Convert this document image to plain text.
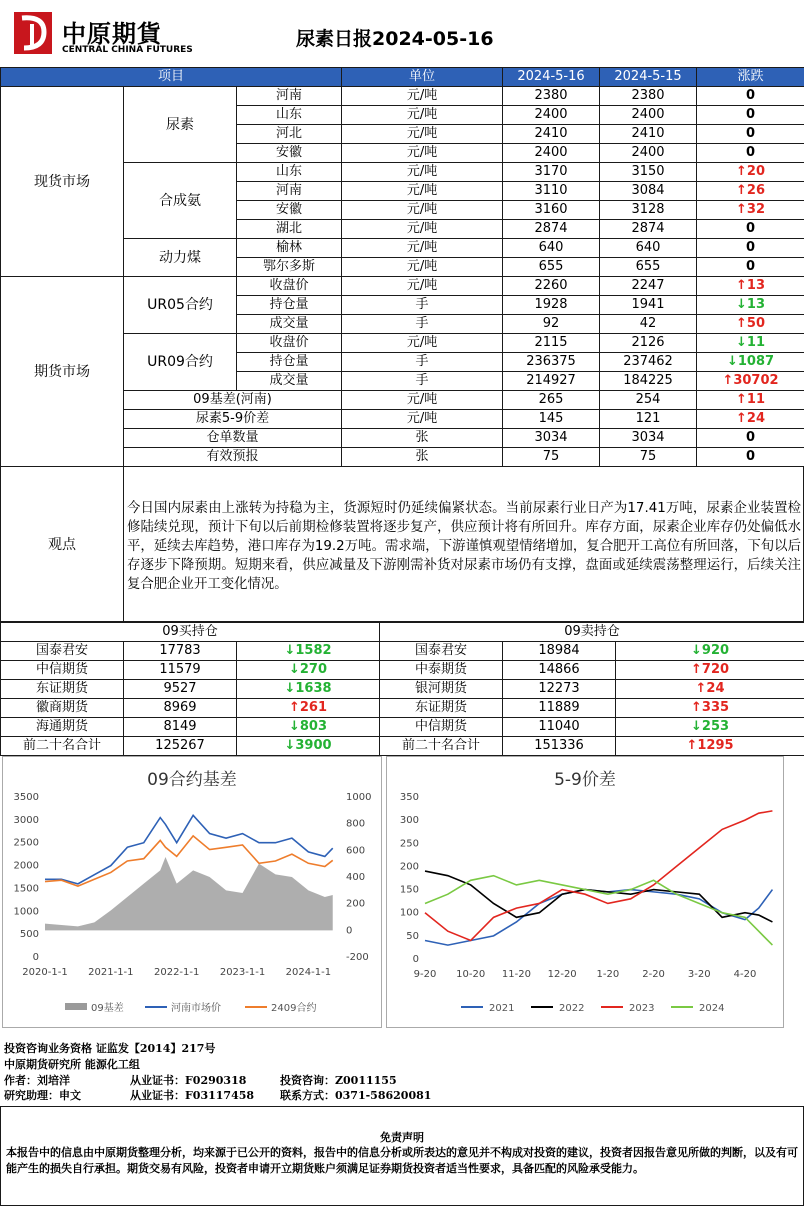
中原期貨
CENTRAL CHINA FUTURES	尿素日报2024-05-16
项目			单位	2024-5-16	2024-5-15	涨跌
现货市场	尿素	河南	元/吨	2380	2380	0
		山东	元/吨	2400	2400	0
		河北	元/吨	2410	2410	0
		安徽	元/吨	2400	2400	0
	合成氨	山东	元/吨	3170	3150	↑20
		河南	元/吨	3110	3084	↑26
		安徽	元/吨	3160	3128	↑32
		湖北	元/吨	2874	2874	0
	动力煤	榆林	元/吨	640	640	0
		鄂尔多斯	元/吨	655	655	0
期货市场	UR05合约	收盘价	元/吨	2260	2247	↑13
		持仓量	手	1928	1941	↓13
		成交量	手	92	42	↑50
	UR09合约	收盘价	元/吨	2115	2126	↓11
		持仓量	手	236375	237462	↓1087
		成交量	手	214927	184225	↑30702
	09基差(河南)		元/吨	265	254	↑11
	尿素5-9价差		元/吨	145	121	↑24
	仓单数量		张	3034	3034	0
	有效预报		张	75	75	0
观点
今日国内尿素由上涨转为持稳为主，货源短时仍延续偏紧状态。当前尿素行业日产为17.41万吨，尿素企业装置检修陆续兑现，预计下旬以后前期检修装置将逐步复产，供应预计将有所回升。库存方面，尿素企业库存仍处偏低水平，延续去库趋势，港口库存为19.2万吨。需求端，下游谨慎观望情绪增加，复合肥开工高位有所回落，下旬以后存逐步下降预期。短期来看，供应减量及下游刚需补货对尿素市场仍有支撑，盘面或延续震荡整理运行，后续关注复合肥企业开工变化情况。
09买持仓			09卖持仓		
国泰君安	17783	↓1582	国泰君安	18984	↓920
中信期货	11579	↓270	中泰期货	14866	↑720
东证期货	9527	↓1638	银河期货	12273	↑24
徽商期货	8969	↑261	东证期货	11889	↑335
海通期货	8149	↓803	中信期货	11040	↓253
前二十名合计	125267	↓3900	前二十名合计	151336	↑1295
09合约基差
3500
3000
2500
2000
1500
1000
500
0
1000
800
600
400
200
0
-200
2020-1-1 2021-1-1 2022-1-1 2023-1-1 2024-1-1
09基差	河南市场价	2409合约
5-9价差
350
300
250
200
150
100
50
0
9-20 10-20 11-20 12-20 1-20 2-20 3-20 4-20
2021	2022	2023	2024
投资咨询业务资格 证监发【2014】217号
中原期货研究所 能源化工组
作者：刘培洋	从业证书：F0290318	投资咨询：Z0011155
研究助理：申文	从业证书：F03117458 联系方式：0371-58620081
免责声明
本报告中的信息由中原期货整理分析，均来源于已公开的资料，报告中的信息分析或所表达的意见并不构成对投资的建议，投资者因报告意见所做的判断，以及有可能产生的损失自行承担。期货交易有风险，投资者申请开立期货账户须满足证券期货投资者适当性要求，具备匹配的风险承受能力。
